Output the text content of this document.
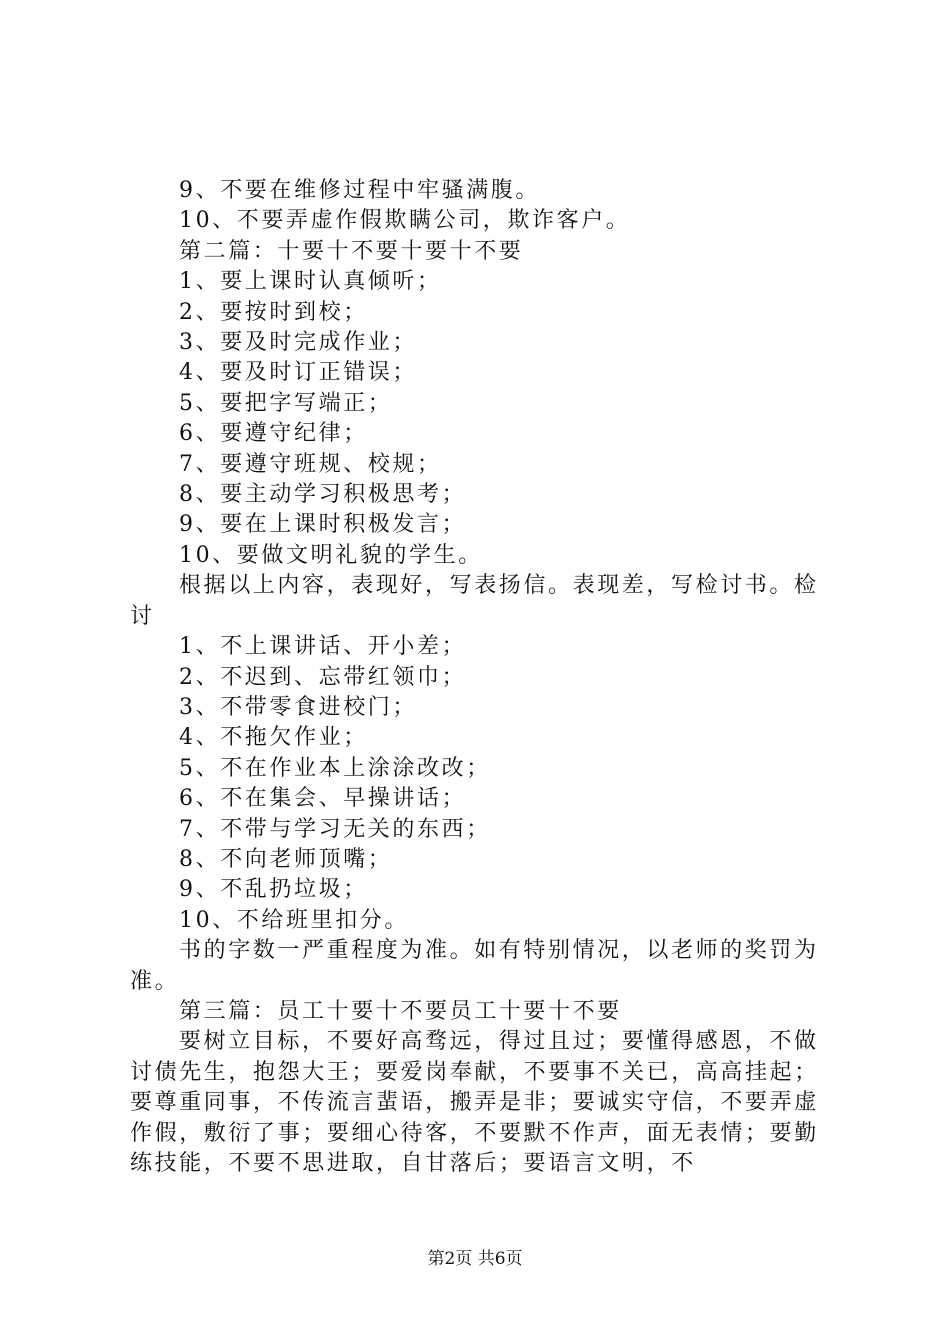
9、不要在维修过程中牢骚满腹。

10、不要弄虚作假欺瞒公司，欺诈客户。

第二篇：十要十不要十要十不要

1、要上课时认真倾听；

2、要按时到校；

3、要及时完成作业；

4、要及时订正错误；

5、要把字写端正；

6、要遵守纪律；

7、要遵守班规、校规；

8、要主动学习积极思考；

9、要在上课时积极发言；

10、要做文明礼貌的学生。

根据以上内容，表现好，写表扬信。表现差，写检讨书。检讨

1、不上课讲话、开小差；

2、不迟到、忘带红领巾；

3、不带零食进校门；

4、不拖欠作业；

5、不在作业本上涂涂改改；

6、不在集会、早操讲话；

7、不带与学习无关的东西；

8、不向老师顶嘴；

9、不乱扔垃圾；

10、不给班里扣分。

书的字数一严重程度为准。如有特别情况，以老师的奖罚为准。

第三篇：员工十要十不要员工十要十不要

要树立目标，不要好高骛远，得过且过；要懂得感恩，不做讨债先生，抱怨大王；要爱岗奉献，不要事不关已，高高挂起；要尊重同事，不传流言蜚语，搬弄是非；要诚实守信，不要弄虚作假，敷衍了事；要细心待客，不要默不作声，面无表情；要勤练技能，不要不思进取，自甘落后；要语言文明，不

第2页 共6页
